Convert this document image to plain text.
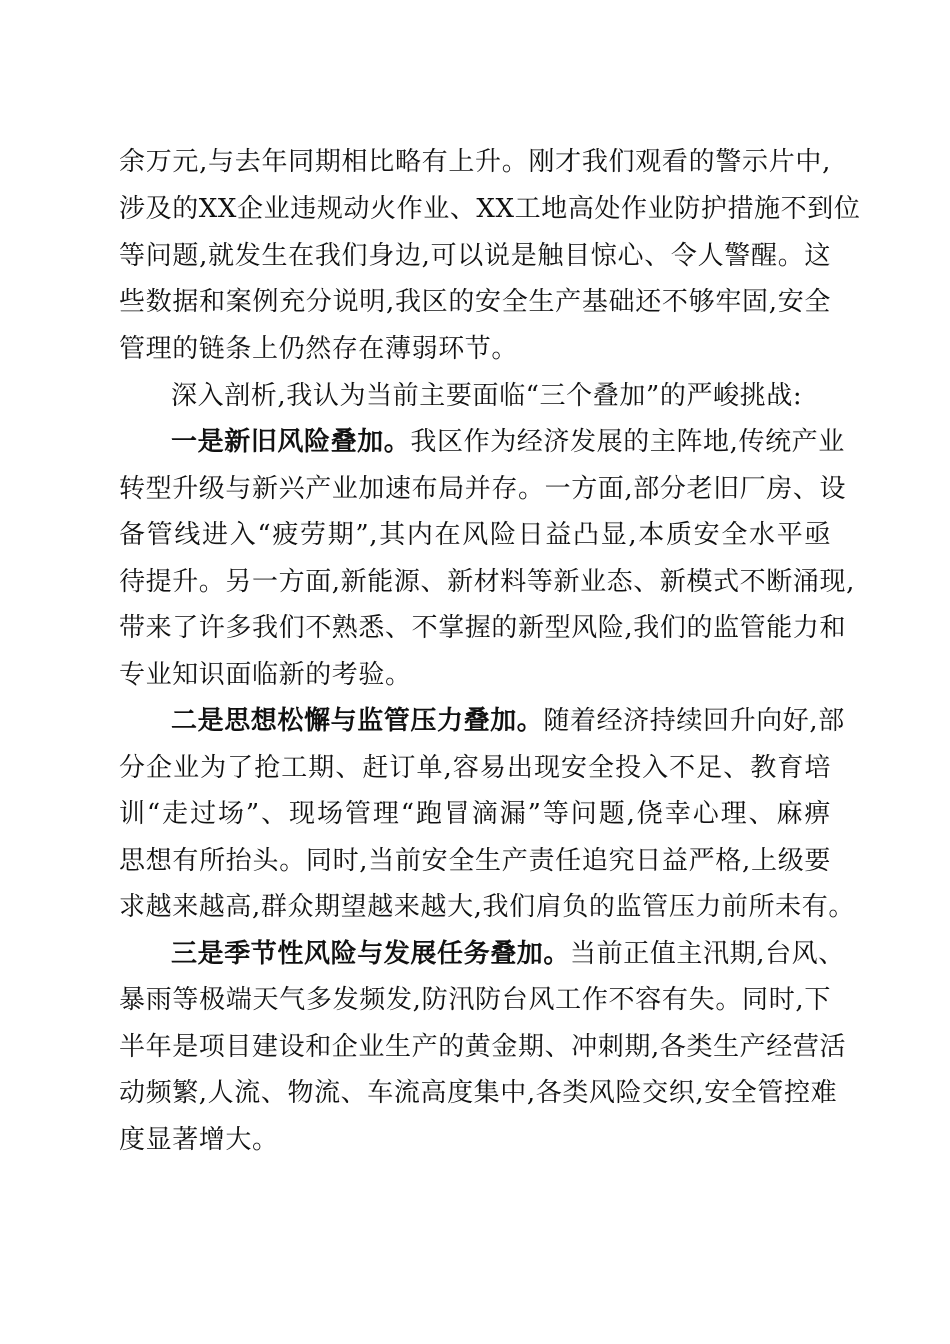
余万元,与去年同期相比略有上升。刚才我们观看的警示片中,
涉及的XX企业违规动火作业、XX工地高处作业防护措施不到位
等问题,就发生在我们身边,可以说是触目惊心、令人警醒。这
些数据和案例充分说明,我区的安全生产基础还不够牢固,安全
管理的链条上仍然存在薄弱环节。
深入剖析,我认为当前主要面临“三个叠加”的严峻挑战:
一是新旧风险叠加。我区作为经济发展的主阵地,传统产业
转型升级与新兴产业加速布局并存。一方面,部分老旧厂房、设
备管线进入“疲劳期”,其内在风险日益凸显,本质安全水平亟
待提升。另一方面,新能源、新材料等新业态、新模式不断涌现,
带来了许多我们不熟悉、不掌握的新型风险,我们的监管能力和
专业知识面临新的考验。
二是思想松懈与监管压力叠加。随着经济持续回升向好,部
分企业为了抢工期、赶订单,容易出现安全投入不足、教育培
训“走过场”、现场管理“跑冒滴漏”等问题,侥幸心理、麻痹
思想有所抬头。同时,当前安全生产责任追究日益严格,上级要
求越来越高,群众期望越来越大,我们肩负的监管压力前所未有。
三是季节性风险与发展任务叠加。当前正值主汛期,台风、
暴雨等极端天气多发频发,防汛防台风工作不容有失。同时,下
半年是项目建设和企业生产的黄金期、冲刺期,各类生产经营活
动频繁,人流、物流、车流高度集中,各类风险交织,安全管控难
度显著增大。
